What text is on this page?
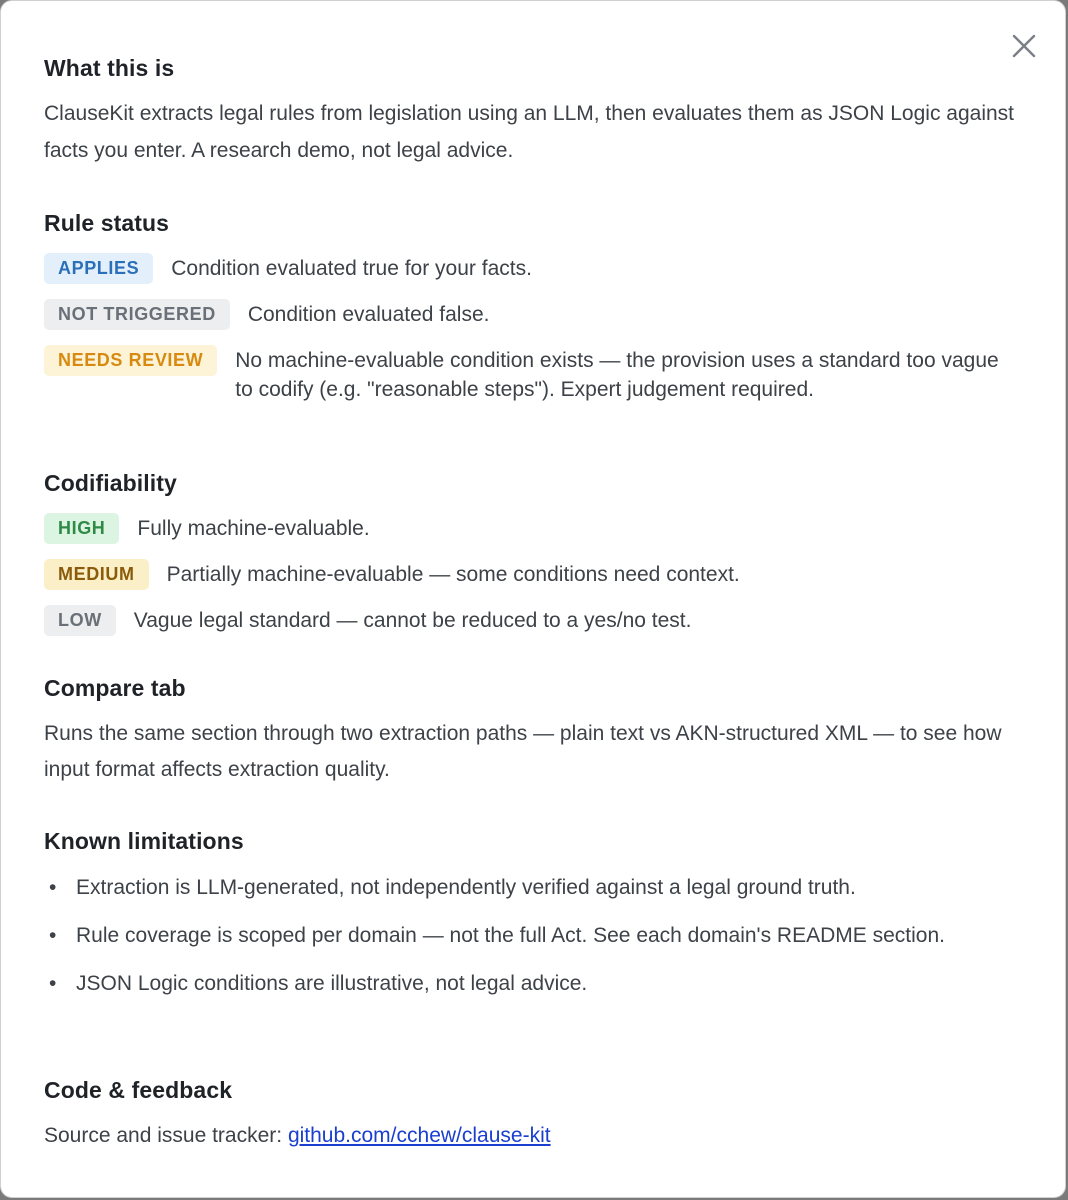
What this is

ClauseKit extracts legal rules from legislation using an LLM, then evaluates them as JSON Logic against facts you enter. A research demo, not legal advice.

Rule status
APPLIES	Condition evaluated true for your facts.
NOT TRIGGERED	Condition evaluated false.
NEEDS REVIEW	No machine-evaluable condition exists — the provision uses a standard too vague to codify (e.g. "reasonable steps"). Expert judgement required.
Codifiability
HIGH	Fully machine-evaluable.
MEDIUM	Partially machine-evaluable — some conditions need context.
LOW	Vague legal standard — cannot be reduced to a yes/no test.
Compare tab

Runs the same section through two extraction paths — plain text vs AKN-structured XML — to see how input format affects extraction quality.

Known limitations
• Extraction is LLM-generated, not independently verified against a legal ground truth.
• Rule coverage is scoped per domain — not the full Act. See each domain's README section.
• JSON Logic conditions are illustrative, not legal advice.
Code & feedback

Source and issue tracker: github.com/cchew/clause-kit
